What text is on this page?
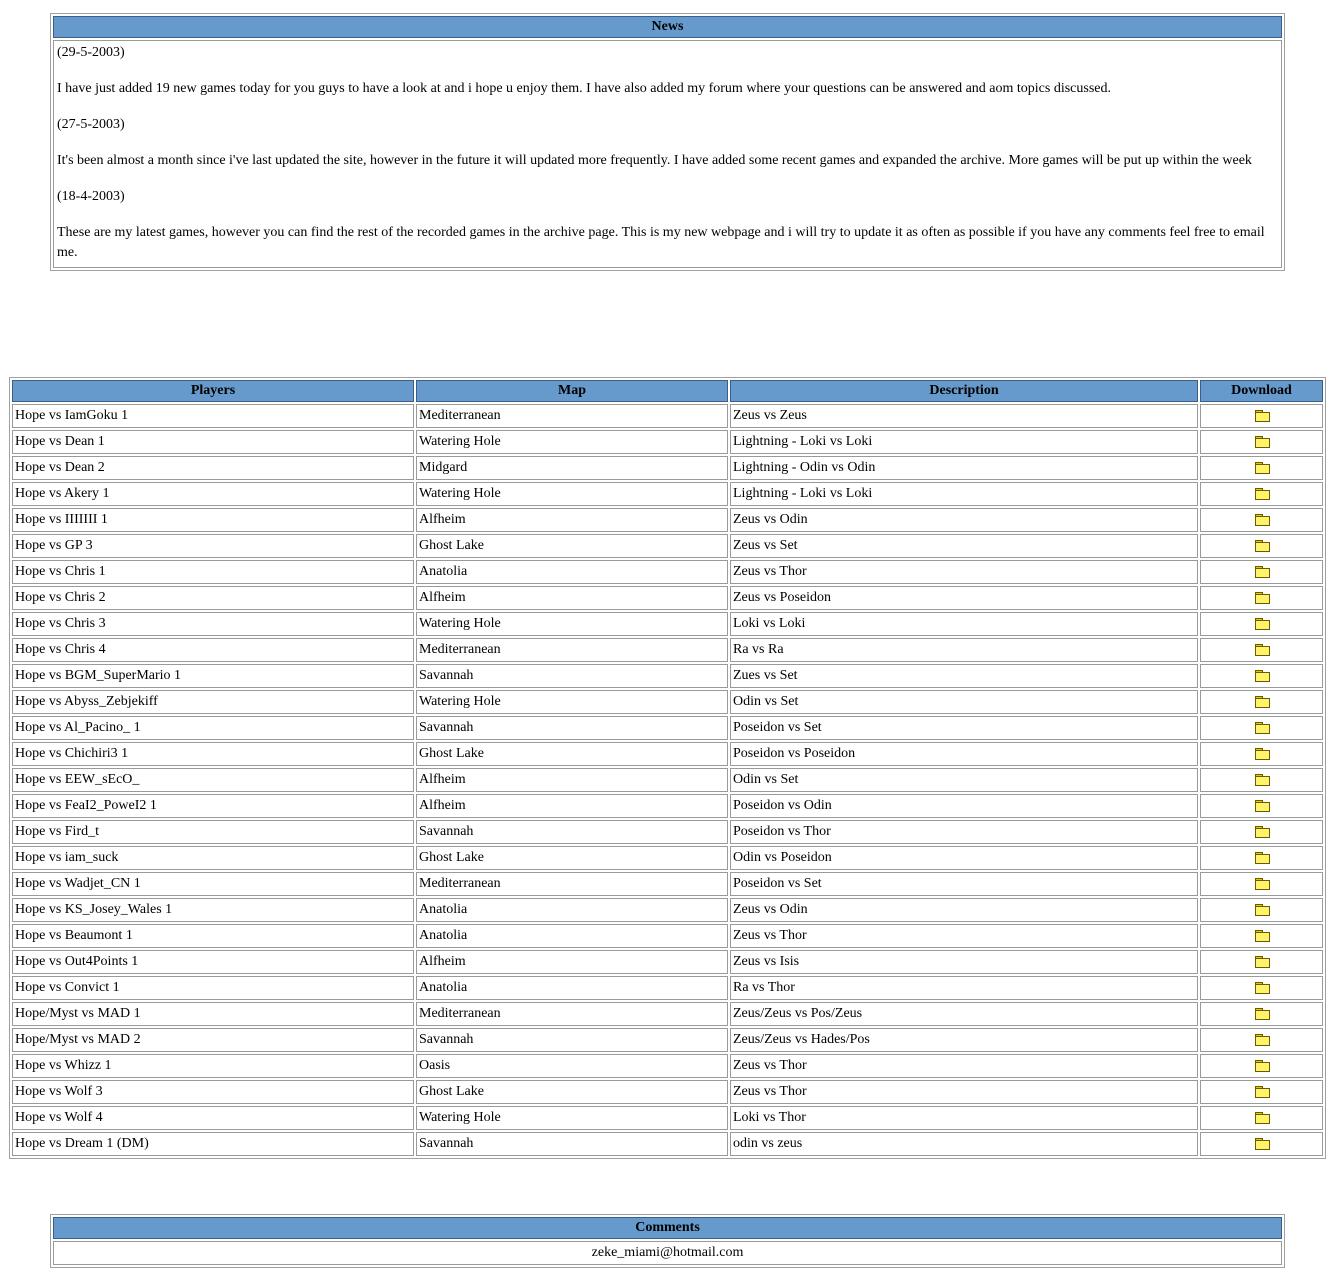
News

(29-5-2003)

I have just added 19 new games today for you guys to have a look at and i hope u enjoy them. I have also added my forum where your questions can be answered and aom topics discussed.

(27-5-2003)

It's been almost a month since i've last updated the site, however in the future it will updated more frequently. I have added some recent games and expanded the archive. More games will be put up within the week

(18-4-2003)

These are my latest games, however you can find the rest of the recorded games in the archive page. This is my new webpage and i will try to update it as often as possible if you have any comments feel free to email me.

Players	Map	Description	Download
Hope vs IamGoku 1	Mediterranean	Zeus vs Zeus	

Hope vs Dean 1	Watering Hole	Lightning - Loki vs Loki	

Hope vs Dean 2	Midgard	Lightning - Odin vs Odin	

Hope vs Akery 1	Watering Hole	Lightning - Loki vs Loki	

Hope vs IIIIIII 1	Alfheim	Zeus vs Odin	

Hope vs GP 3	Ghost Lake	Zeus vs Set	

Hope vs Chris 1	Anatolia	Zeus vs Thor	

Hope vs Chris 2	Alfheim	Zeus vs Poseidon	

Hope vs Chris 3	Watering Hole	Loki vs Loki	

Hope vs Chris 4	Mediterranean	Ra vs Ra	

Hope vs BGM_SuperMario 1	Savannah	Zues vs Set	

Hope vs Abyss_Zebjekiff	Watering Hole	Odin vs Set	

Hope vs Al_Pacino_ 1	Savannah	Poseidon vs Set	

Hope vs Chichiri3 1	Ghost Lake	Poseidon vs Poseidon	

Hope vs EEW_sEcO_	Alfheim	Odin vs Set	

Hope vs FeaI2_PoweI2 1	Alfheim	Poseidon vs Odin	

Hope vs Fird_t	Savannah	Poseidon vs Thor	

Hope vs iam_suck	Ghost Lake	Odin vs Poseidon	

Hope vs Wadjet_CN 1	Mediterranean	Poseidon vs Set	

Hope vs KS_Josey_Wales 1	Anatolia	Zeus vs Odin	

Hope vs Beaumont 1	Anatolia	Zeus vs Thor	

Hope vs Out4Points 1	Alfheim	Zeus vs Isis	

Hope vs Convict 1	Anatolia	Ra vs Thor	

Hope/Myst vs MAD 1	Mediterranean	Zeus/Zeus vs Pos/Zeus	

Hope/Myst vs MAD 2	Savannah	Zeus/Zeus vs Hades/Pos	

Hope vs Whizz 1	Oasis	Zeus vs Thor	

Hope vs Wolf 3	Ghost Lake	Zeus vs Thor	

Hope vs Wolf 4	Watering Hole	Loki vs Thor	

Hope vs Dream 1 (DM)	Savannah	odin vs zeus	
Comments
zeke_miami@hotmail.com
